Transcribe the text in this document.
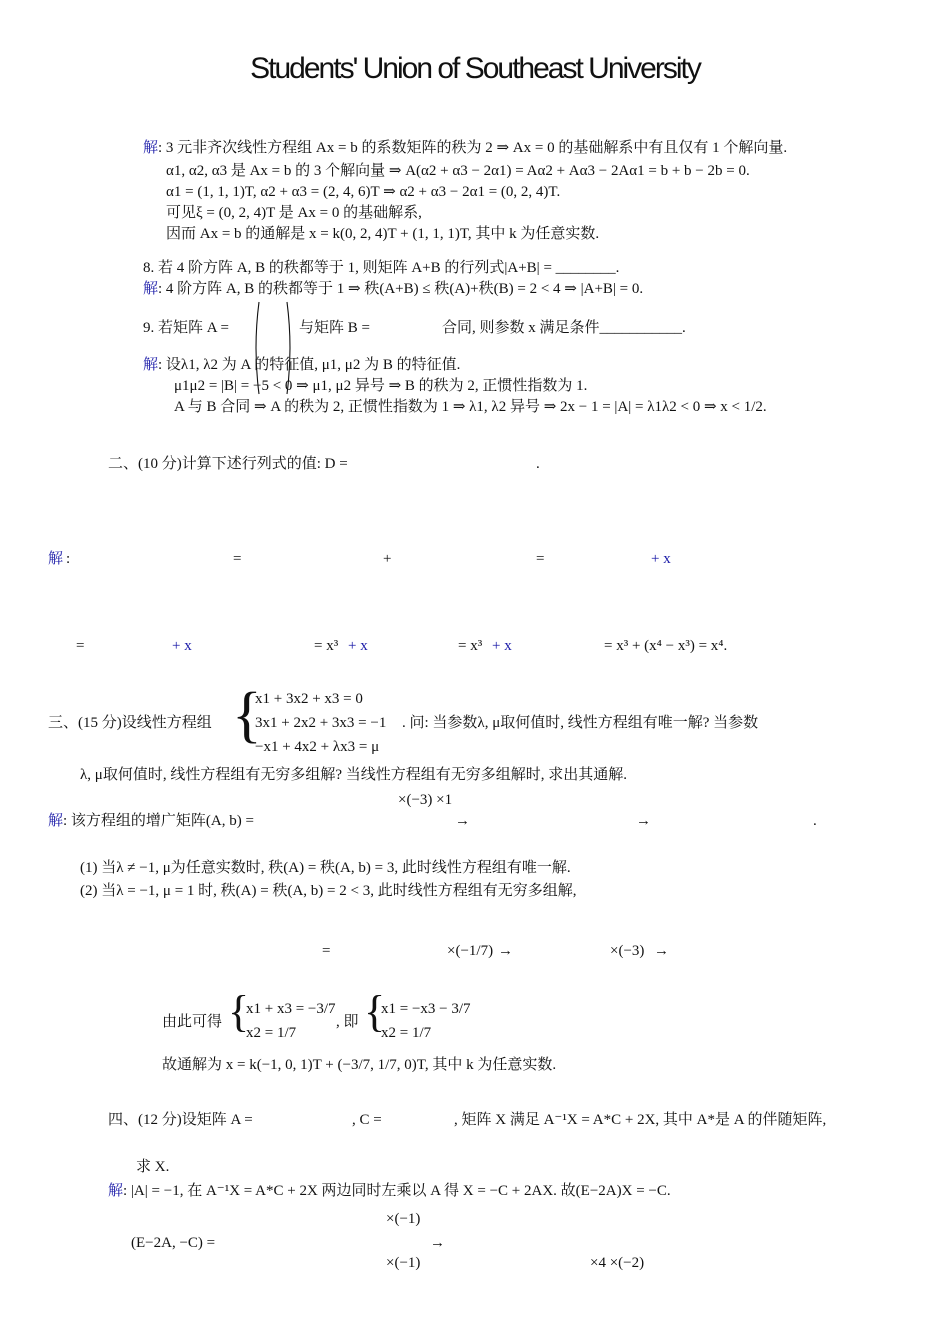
Students' Union of Southeast University
解: 3 元非齐次线性方程组 Ax = b 的系数矩阵的秩为 2 ⇒ Ax = 0 的基础解系中有且仅有 1 个解向量.
α1, α2, α3 是 Ax = b 的 3 个解向量 ⇒ A(α2 + α3 − 2α1) = Aα2 + Aα3 − 2Aα1 = b + b − 2b = 0.
α1 = (1, 1, 1)T, α2 + α3 = (2, 4, 6)T ⇒ α2 + α3 − 2α1 = (0, 2, 4)T.
可见ξ = (0, 2, 4)T 是 Ax = 0 的基础解系,
因而 Ax = b 的通解是 x = k(0, 2, 4)T + (1, 1, 1)T, 其中 k 为任意实数.
8. 若 4 阶方阵 A, B 的秩都等于 1, 则矩阵 A+B 的行列式|A+B| = ________.
解: 4 阶方阵 A, B 的秩都等于 1 ⇒ 秩(A+B) ≤ 秩(A)+秩(B) = 2 < 4 ⇒ |A+B| = 0.
9. 若矩阵 A =	与矩阵 B =	合同, 则参数 x 满足条件___________.
解: 设λ1, λ2 为 A 的特征值, μ1, μ2 为 B 的特征值.
μ1μ2 = |B| = −5 < 0 ⇒ μ1, μ2 异号 ⇒ B 的秩为 2, 正惯性指数为 1.
A 与 B 合同 ⇒ A 的秩为 2, 正惯性指数为 1 ⇒ λ1, λ2 异号 ⇒ 2x − 1 = |A| = λ1λ2 < 0 ⇒ x < 1/2.
二、(10 分)计算下述行列式的值: D =	.
解 :	=	+	=	+ x
=	+ x	= x³ + x	= x³ + x	= x³ + (x⁴ − x³) = x⁴.
三、(15 分)设线性方程组 {
x1 + 3x2 + x3 = 0
3x1 + 2x2 + 3x3 = −1
−x1 + 4x2 + λx3 = μ
. 问: 当参数λ, μ取何值时, 线性方程组有唯一解? 当参数
λ, μ取何值时, 线性方程组有无穷多组解? 当线性方程组有无穷多组解时, 求出其通解.
解: 该方程组的增广矩阵(A, b) =
×(−3) ×1
→	→	.
(1) 当λ ≠ −1, μ为任意实数时, 秩(A) = 秩(A, b) = 3, 此时线性方程组有唯一解.
(2) 当λ = −1, μ = 1 时, 秩(A) = 秩(A, b) = 2 < 3, 此时线性方程组有无穷多组解,
=	×(−1/7) →	×(−3) →
由此可得 {
x1 + x3 = −3/7
x2 = 1/7
, 即 {
x1 = −x3 − 3/7
x2 = 1/7
故通解为 x = k(−1, 0, 1)T + (−3/7, 1/7, 0)T, 其中 k 为任意实数.
四、(12 分)设矩阵 A =	, C =	, 矩阵 X 满足 A⁻¹X = A*C + 2X, 其中 A*是 A 的伴随矩阵,
求 X.
解: |A| = −1, 在 A⁻¹X = A*C + 2X 两边同时左乘以 A 得 X = −C + 2AX. 故(E−2A)X = −C.
(E−2A, −C) =
×(−1)
×(−1)
→
×4 ×(−2)
